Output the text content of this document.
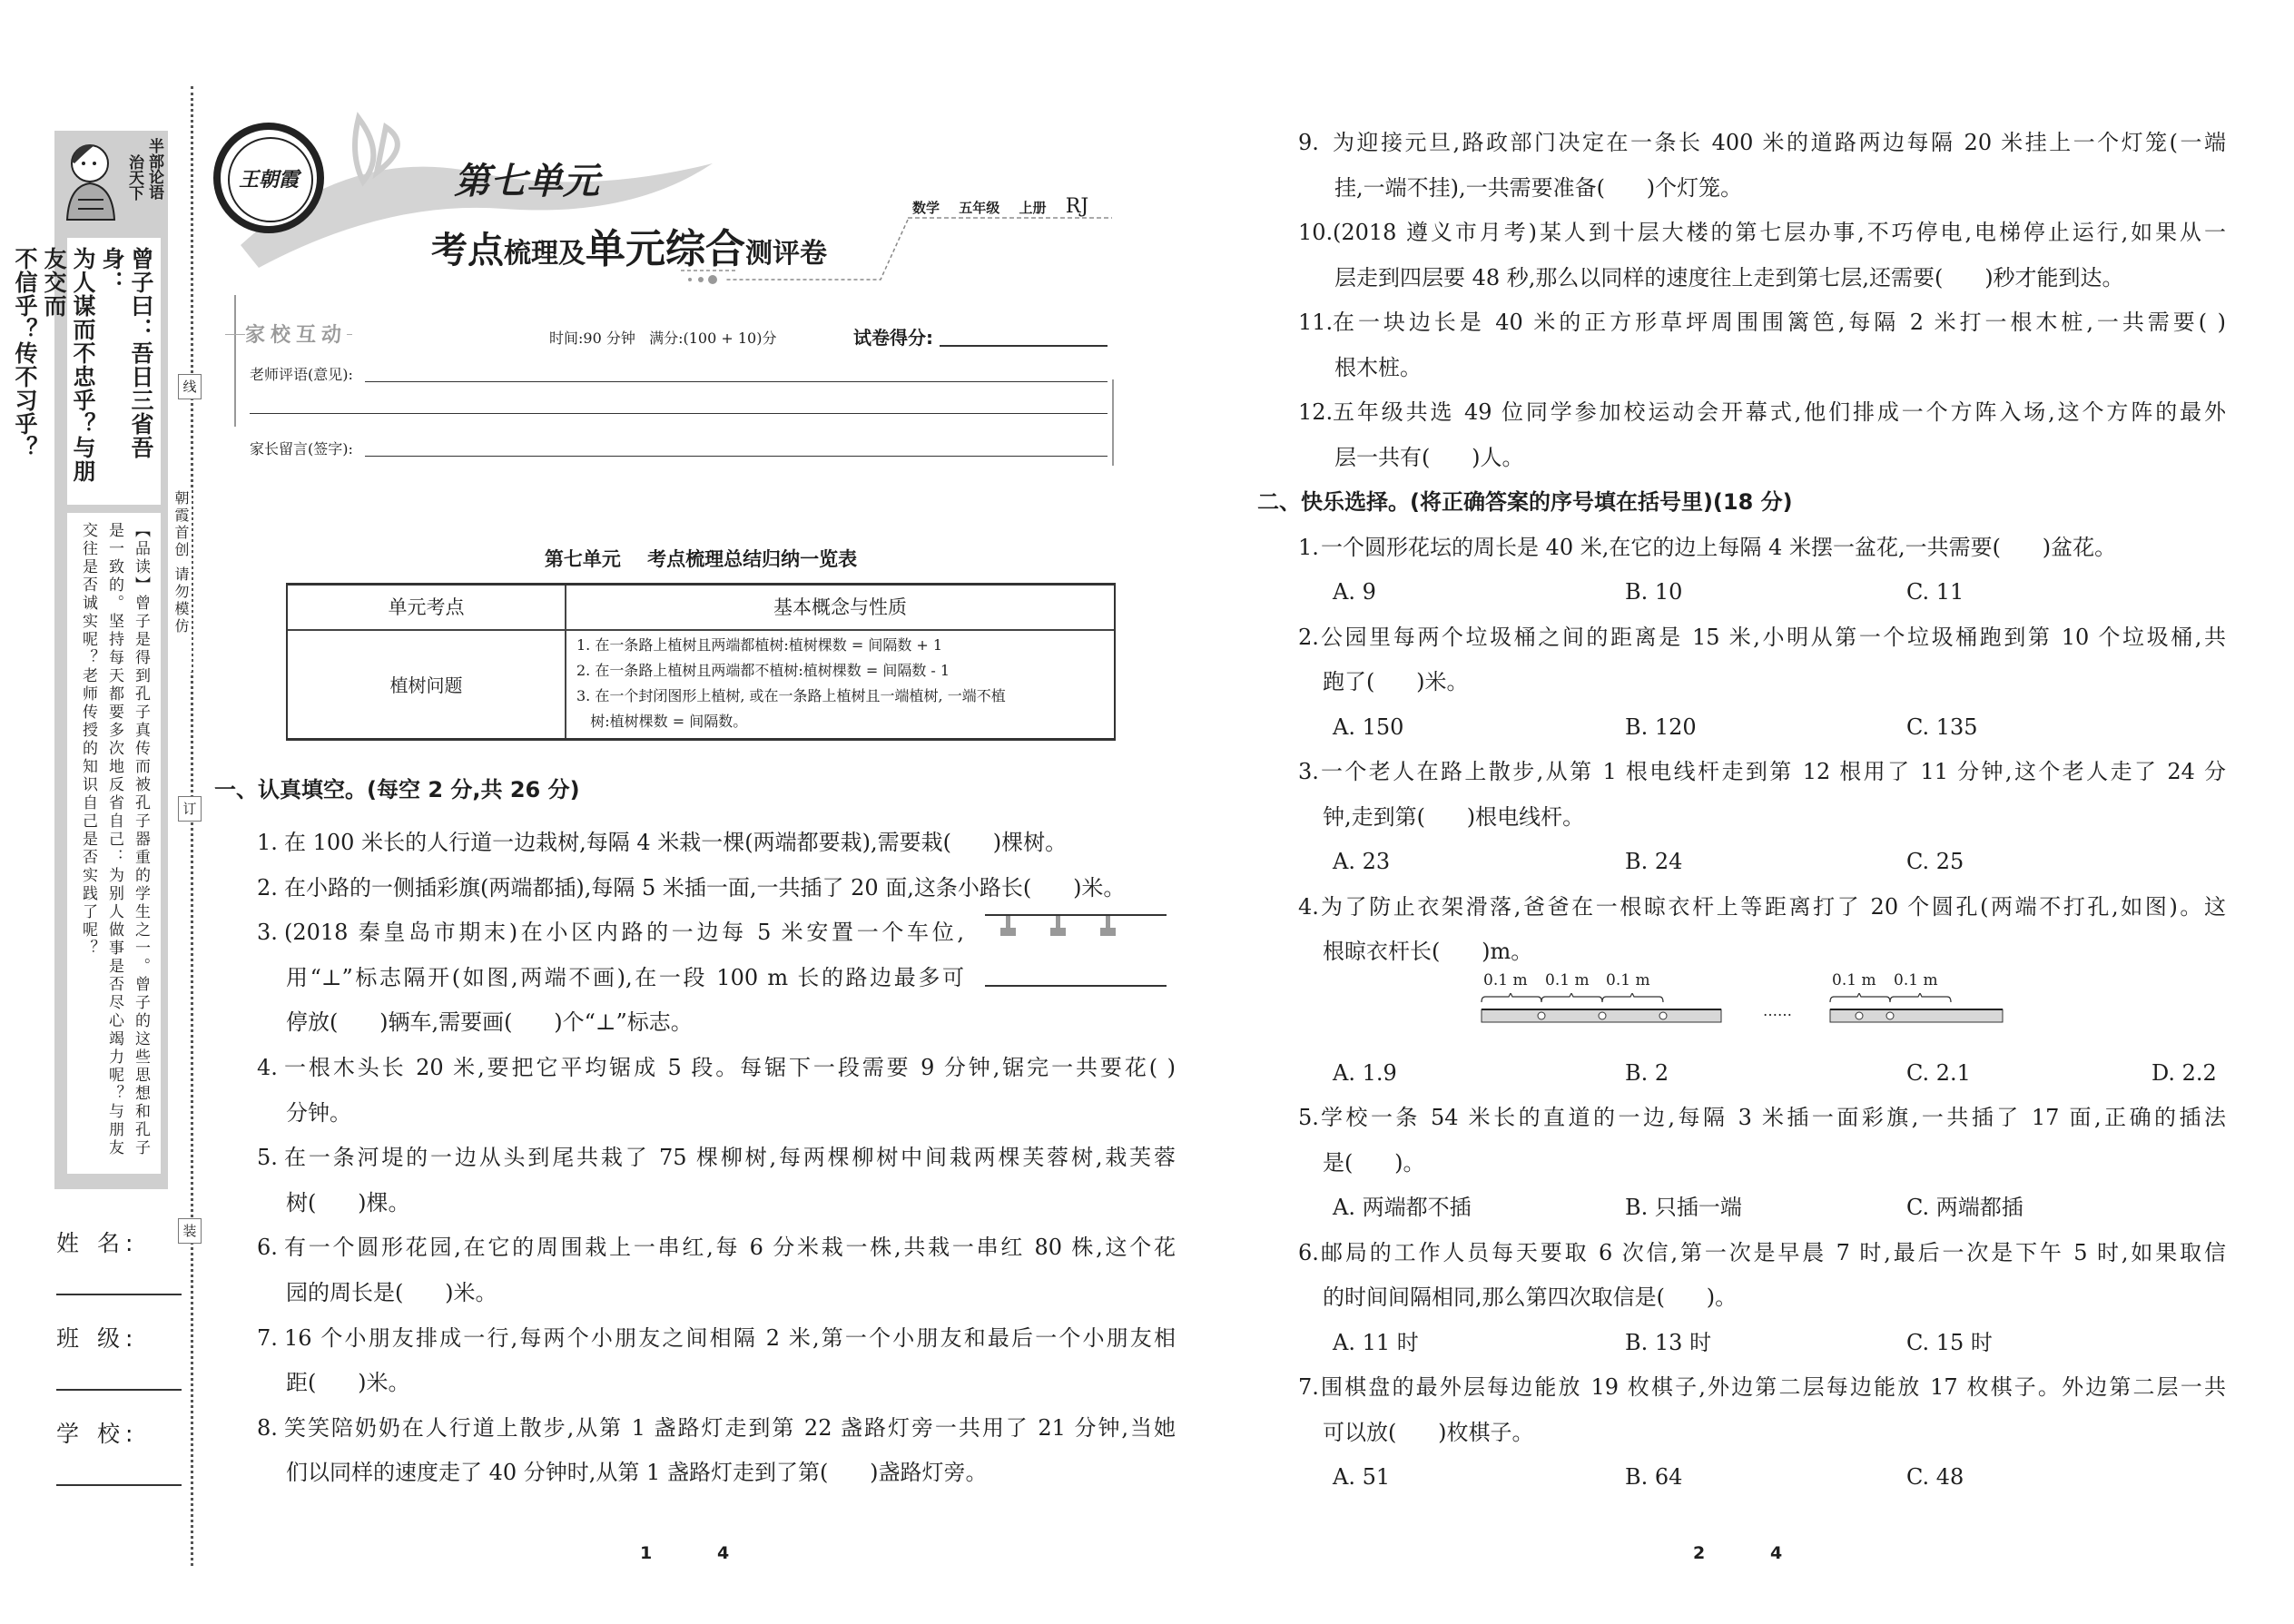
半部论语
治天下
曾子曰：吾日三省吾身：
为人谋而不忠乎？与朋友交而
不信乎？传不习乎？
【品读】曾子是得到孔子真传而被孔子器重的学生之一。曾子的这些思想和孔子是一致的。坚持每天都要多次地反省自己：为别人做事是否尽心竭力呢？与朋友交往是否诚实呢？老师传授的知识自己是否实践了呢？
姓 名:
班 级:
学 校:
线
订
装
朝霞首创 请勿模仿
王朝霞	第七单元
考点梳理及单元综合测评卷
数学 五年级 上册 RJ
家校互动	时间:90 分钟   满分:(100 + 10)分	试卷得分:
老师评语(意见):
家长留言(签字):
第七单元    考点梳理总结归纳一览表
单元考点	基本概念与性质
植树问题
1. 在一条路上植树且两端都植树:植树棵数 = 间隔数 + 1
2. 在一条路上植树且两端都不植树:植树棵数 = 间隔数 - 1
3. 在一个封闭图形上植树, 或在一条路上植树且一端植树, 一端不植
树:植树棵数 = 间隔数。
一、认真填空。(每空 2 分,共 26 分)
1. 在 100 米长的人行道一边栽树,每隔 4 米栽一棵(两端都要栽),需要栽(      )棵树。
2. 在小路的一侧插彩旗(两端都插),每隔 5 米插一面,一共插了 20 面,这条小路长(      )米。
3. (2018 秦皇岛市期末)在小区内路的一边每 5 米安置一个车位,
用“⊥”标志隔开(如图,两端不画),在一段 100 m 长的路边最多可
停放(      )辆车,需要画(      )个“⊥”标志。
4. 一根木头长 20 米,要把它平均锯成 5 段。每锯下一段需要 9 分钟,锯完一共要花( )
分钟。
5. 在一条河堤的一边从头到尾共栽了 75 棵柳树,每两棵柳树中间栽两棵芙蓉树,栽芙蓉
树(      )棵。
6. 有一个圆形花园,在它的周围栽上一串红,每 6 分米栽一株,共栽一串红 80 株,这个花
园的周长是(      )米。
7. 16 个小朋友排成一行,每两个小朋友之间相隔 2 米,第一个小朋友和最后一个小朋友相
距(      )米。
8. 笑笑陪奶奶在人行道上散步,从第 1 盏路灯走到第 22 盏路灯旁一共用了 21 分钟,当她
们以同样的速度走了 40 分钟时,从第 1 盏路灯走到了第(      )盏路灯旁。
9. 为迎接元旦,路政部门决定在一条长 400 米的道路两边每隔 20 米挂上一个灯笼(一端
挂,一端不挂),一共需要准备(      )个灯笼。
10. (2018 遵义市月考)某人到十层大楼的第七层办事,不巧停电,电梯停止运行,如果从一
层走到四层要 48 秒,那么以同样的速度往上走到第七层,还需要(      )秒才能到达。
11. 在一块边长是 40 米的正方形草坪周围围篱笆,每隔 2 米打一根木桩,一共需要( )
根木桩。
12. 五年级共选 49 位同学参加校运动会开幕式,他们排成一个方阵入场,这个方阵的最外
层一共有(      )人。
二、快乐选择。(将正确答案的序号填在括号里)(18 分)
1. 一个圆形花坛的周长是 40 米,在它的边上每隔 4 米摆一盆花,一共需要(      )盆花。
A. 9	B. 10	C. 11
2. 公园里每两个垃圾桶之间的距离是 15 米,小明从第一个垃圾桶跑到第 10 个垃圾桶,共
跑了(      )米。
A. 150	B. 120	C. 135
3. 一个老人在路上散步,从第 1 根电线杆走到第 12 根用了 11 分钟,这个老人走了 24 分
钟,走到第(      )根电线杆。
A. 23	B. 24	C. 25
4. 为了防止衣架滑落,爸爸在一根晾衣杆上等距离打了 20 个圆孔(两端不打孔,如图)。这
根晾衣杆长(      )m。
0.1 m 0.1 m 0.1 m	0.1 m 0.1 m
……
A. 1.9	B. 2	C. 2.1	D. 2.2
5. 学校一条 54 米长的直道的一边,每隔 3 米插一面彩旗,一共插了 17 面,正确的插法
是(      )。
A. 两端都不插	B. 只插一端	C. 两端都插
6. 邮局的工作人员每天要取 6 次信,第一次是早晨 7 时,最后一次是下午 5 时,如果取信
的时间间隔相同,那么第四次取信是(      )。
A. 11 时	B. 13 时	C. 15 时
7. 围棋盘的最外层每边能放 19 枚棋子,外边第二层每边能放 17 枚棋子。外边第二层一共
可以放(      )枚棋子。
A. 51	B. 64	C. 48
1	4	2	4
